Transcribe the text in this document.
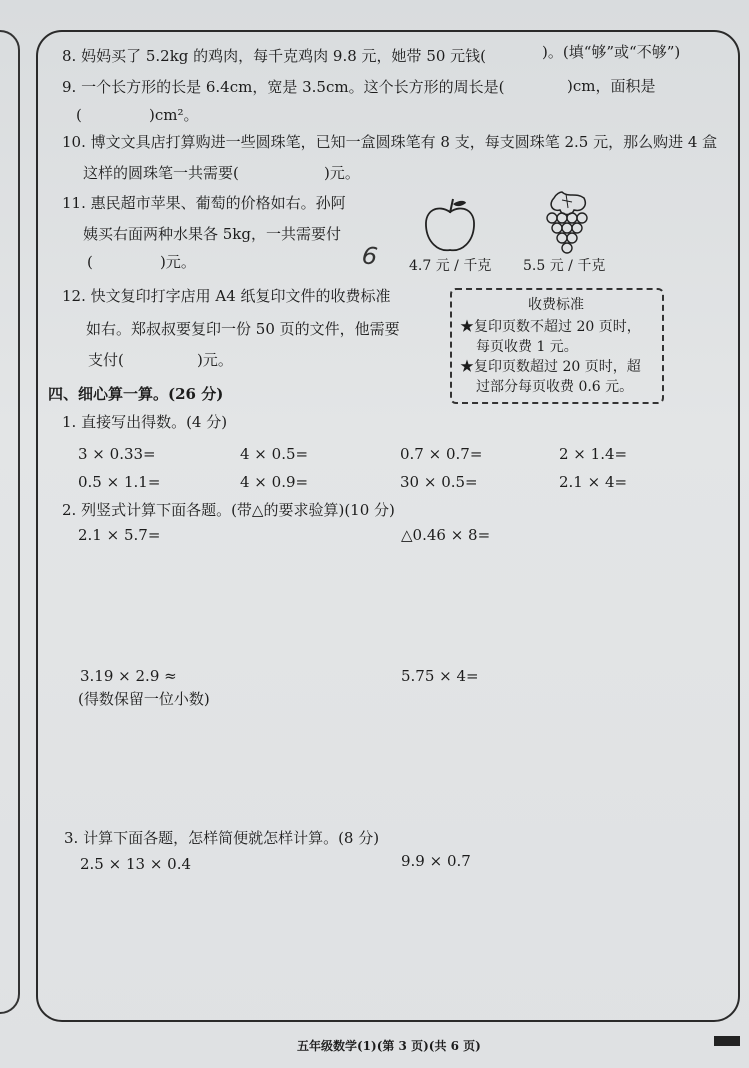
8. 妈妈买了 5.2kg 的鸡肉，每千克鸡肉 9.8 元，她带 50 元钱(	)。(填“够”或“不够”)
9. 一个长方形的长是 6.4cm，宽是 3.5cm。这个长方形的周长是(	)cm，面积是
(	)cm²。
10. 博文文具店打算购进一些圆珠笔，已知一盒圆珠笔有 8 支，每支圆珠笔 2.5 元，那么购进 4 盒
这样的圆珠笔一共需要(	)元。
11. 惠民超市苹果、葡萄的价格如右。孙阿
姨买右面两种水果各 5kg，一共需要付
(	)元。	6 4.7 元 / 千克 5.5 元 / 千克
12. 快文复印打字店用 A4 纸复印文件的收费标准
如右。郑叔叔要复印一份 50 页的文件，他需要
支付(	)元。
收费标准
★复印页数不超过 20 页时，
每页收费 1 元。
★复印页数超过 20 页时，超
过部分每页收费 0.6 元。
四、细心算一算。(26 分)
1. 直接写出得数。(4 分)
3 × 0.33=	4 × 0.5=	0.7 × 0.7=	2 × 1.4=
0.5 × 1.1=	4 × 0.9=	30 × 0.5=	2.1 × 4=
2. 列竖式计算下面各题。(带△的要求验算)(10 分)
2.1 × 5.7=	△0.46 × 8=
3.19 × 2.9 ≈
(得数保留一位小数)
5.75 × 4=
3. 计算下面各题，怎样简便就怎样计算。(8 分)
2.5 × 13 × 0.4	9.9 × 0.7
五年级数学(1)(第 3 页)(共 6 页)
